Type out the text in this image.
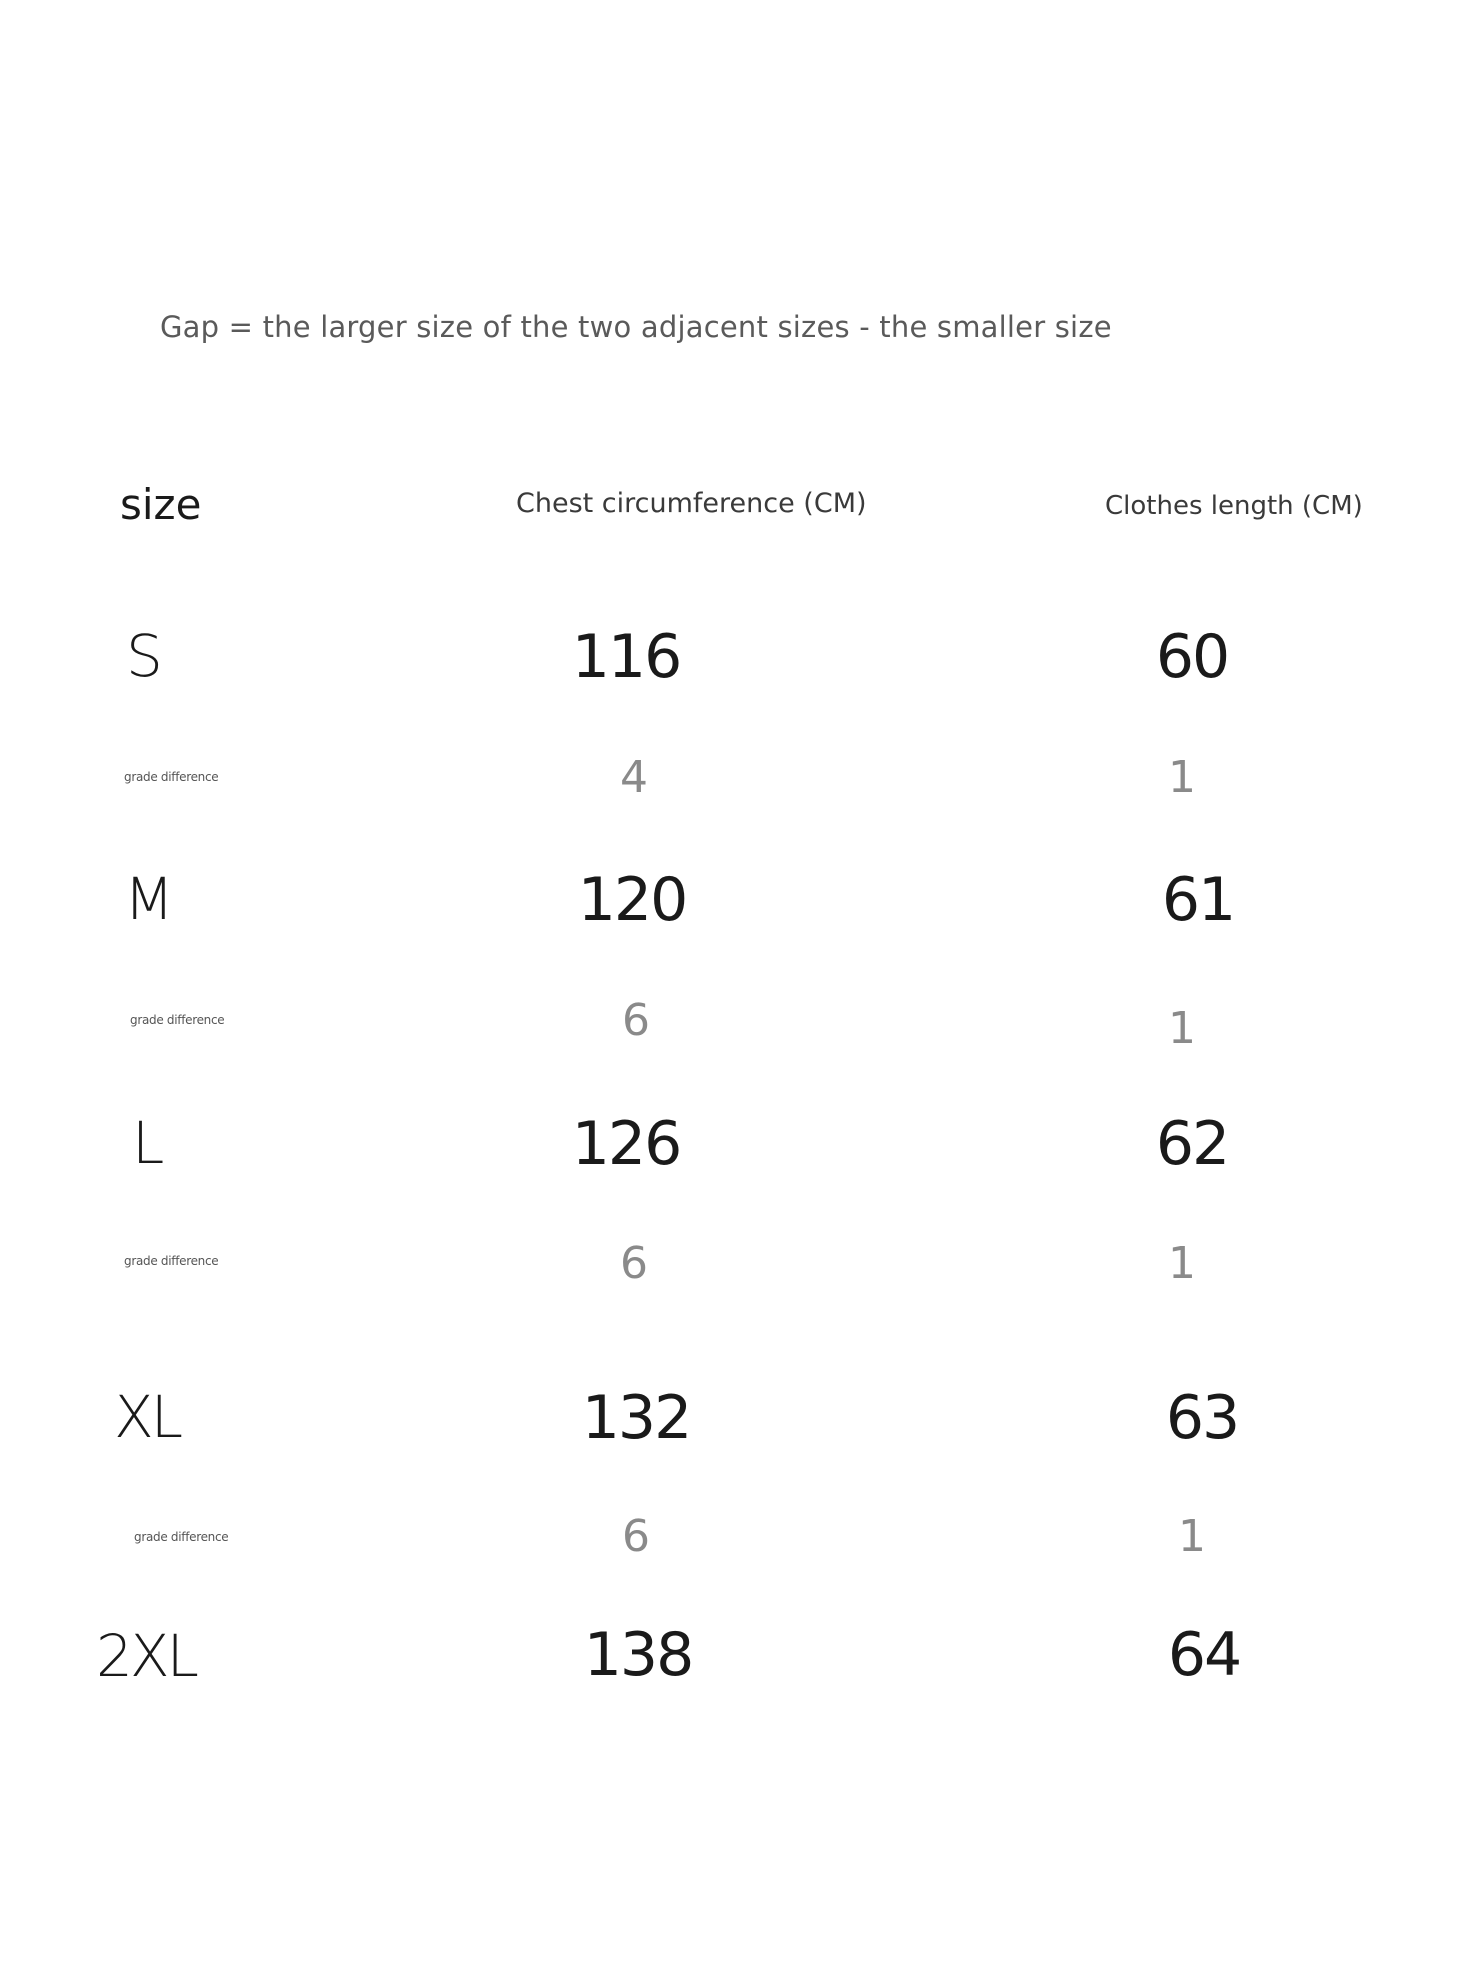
Gap = the larger size of the two adjacent sizes - the smaller size
size	Chest circumference (CM)	Clothes length (CM)
S	116	60
grade difference	4	1
M	120	61
grade difference	6	1
L	126	62
grade difference	6	1
XL	132	63
grade difference	6	1
2XL	138	64
